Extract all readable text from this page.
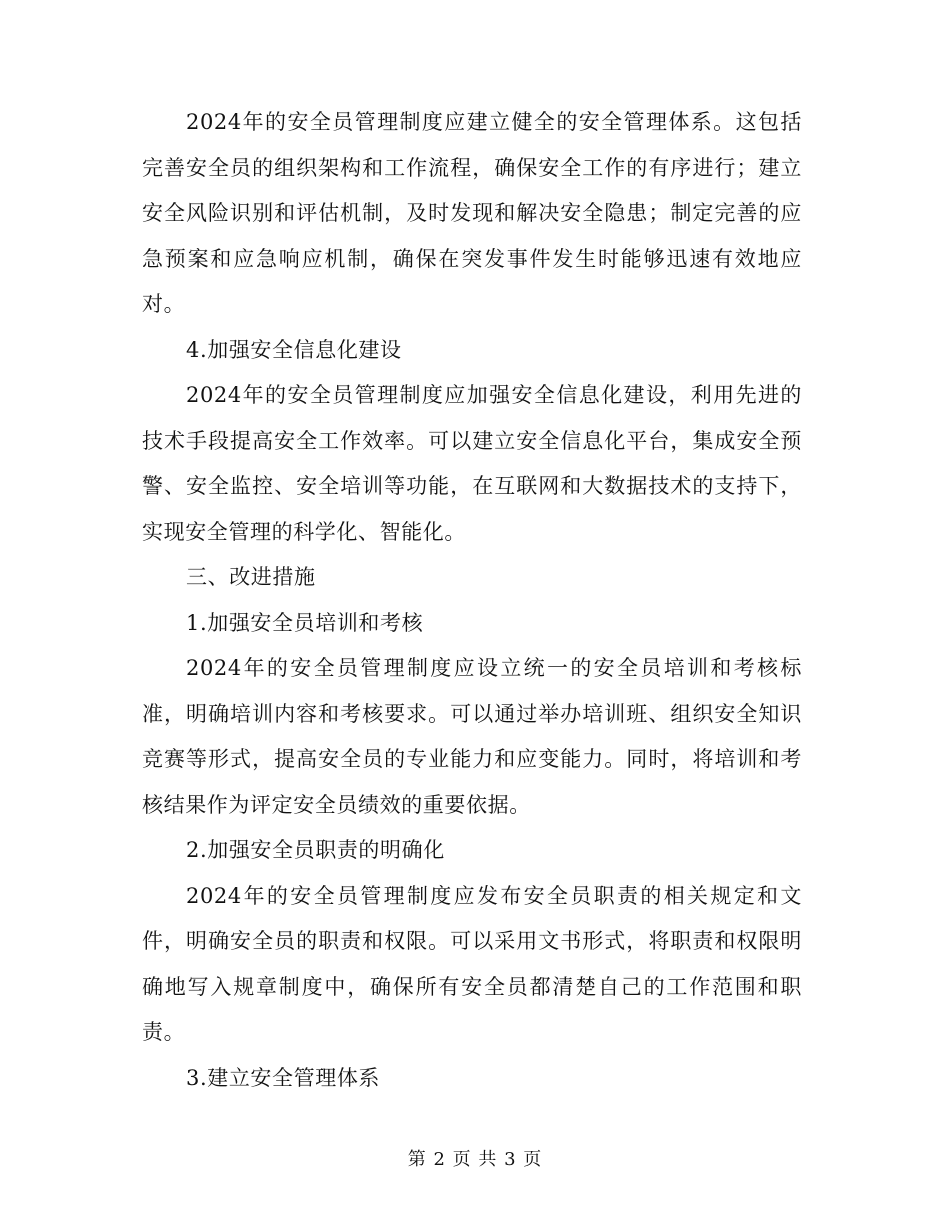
2024年的安全员管理制度应建立健全的安全管理体系。这包括完善安全员的组织架构和工作流程，确保安全工作的有序进行；建立安全风险识别和评估机制，及时发现和解决安全隐患；制定完善的应急预案和应急响应机制，确保在突发事件发生时能够迅速有效地应对。

4.加强安全信息化建设

2024年的安全员管理制度应加强安全信息化建设，利用先进的技术手段提高安全工作效率。可以建立安全信息化平台，集成安全预警、安全监控、安全培训等功能，在互联网和大数据技术的支持下，实现安全管理的科学化、智能化。

三、改进措施

1.加强安全员培训和考核

2024年的安全员管理制度应设立统一的安全员培训和考核标准，明确培训内容和考核要求。可以通过举办培训班、组织安全知识竞赛等形式，提高安全员的专业能力和应变能力。同时，将培训和考核结果作为评定安全员绩效的重要依据。

2.加强安全员职责的明确化

2024年的安全员管理制度应发布安全员职责的相关规定和文件，明确安全员的职责和权限。可以采用文书形式，将职责和权限明确地写入规章制度中，确保所有安全员都清楚自己的工作范围和职责。

3.建立安全管理体系

第 2 页 共 3 页
